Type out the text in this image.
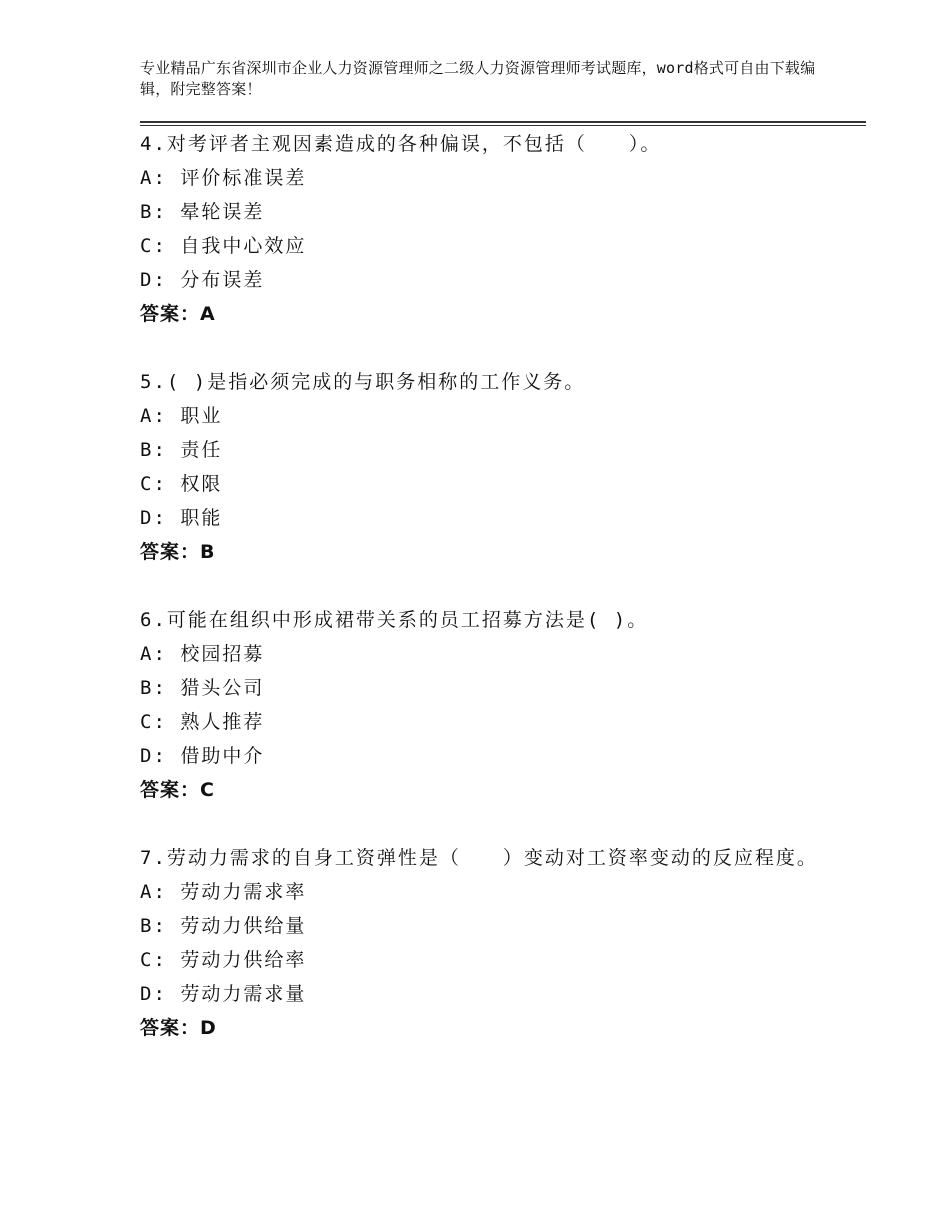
专业精品广东省深圳市企业人力资源管理师之二级人力资源管理师考试题库，word格式可自由下载编辑，附完整答案！

4.对考评者主观因素造成的各种偏误，不包括（　　）。

A: 评价标准误差

B: 晕轮误差

C: 自我中心效应

D: 分布误差

答案：A

5.( )是指必须完成的与职务相称的工作义务。

A: 职业

B: 责任

C: 权限

D: 职能

答案：B

6.可能在组织中形成裙带关系的员工招募方法是( )。

A: 校园招募

B: 猎头公司

C: 熟人推荐

D: 借助中介

答案：C

7.劳动力需求的自身工资弹性是（　　）变动对工资率变动的反应程度。

A: 劳动力需求率

B: 劳动力供给量

C: 劳动力供给率

D: 劳动力需求量

答案：D
